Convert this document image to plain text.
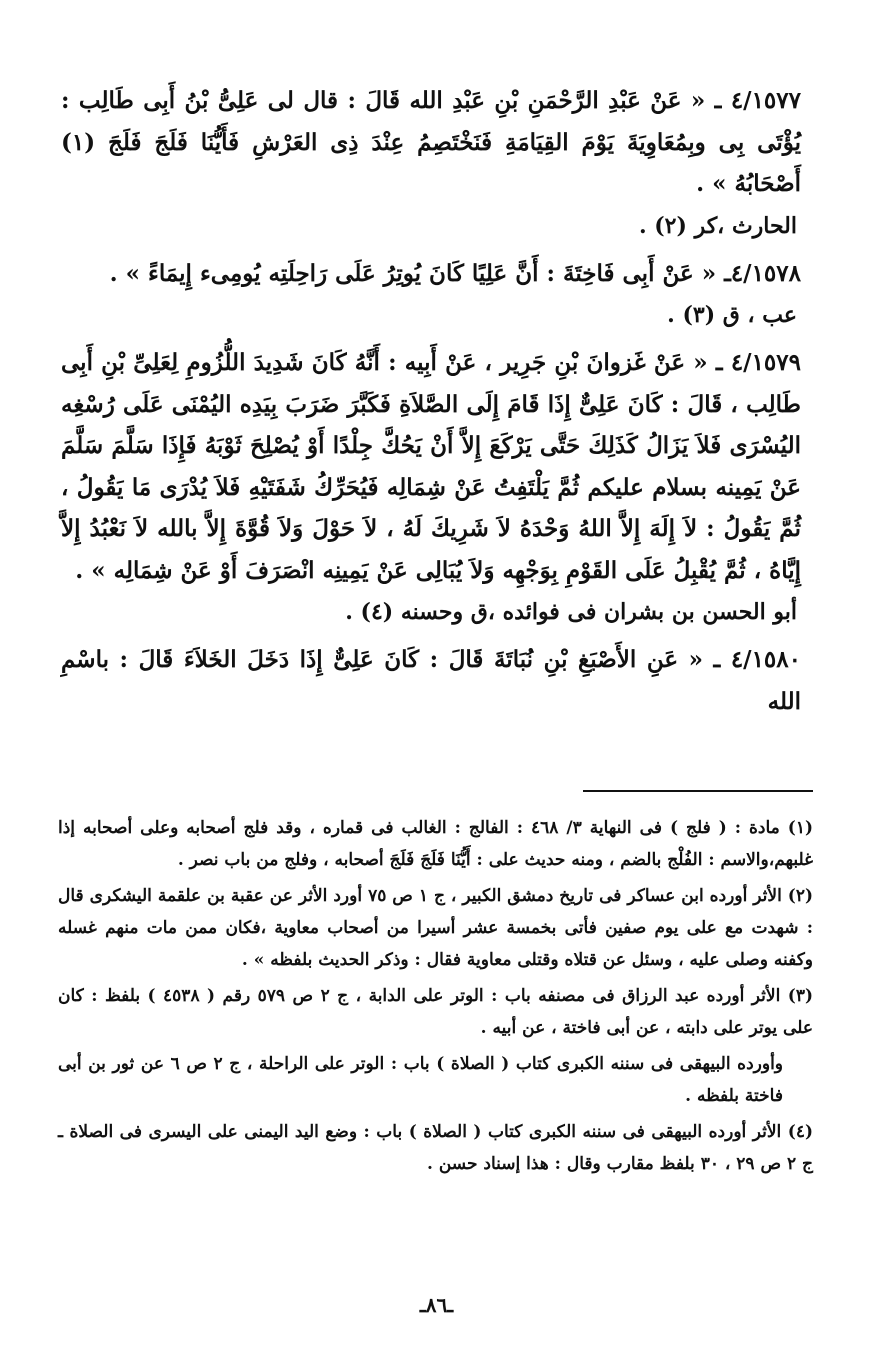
٤/١٥٧٧ ـ « عَنْ عَبْدِ الرَّحْمَنِ بْنِ عَبْدِ الله قَالَ : قال لى عَلِىُّ بْنُ أَبِى طَالِب : يُؤْتَى بِى وبِمُعَاوِيَةَ يَوْمَ القِيَامَةِ فَنَخْتَصِمُ عِنْدَ ذِى العَرْشِ فَأَيُّنَا فَلَجَ فَلَجَ (١) أَصْحَابُهُ » .

الحارث ،كر (٢) .

٤/١٥٧٨ـ « عَنْ أَبِى فَاخِتَةَ : أَنَّ عَلِيًا كَانَ يُوتِرُ عَلَى رَاحِلَتِه يُومِىء إِيمَاءً » .

عب ، ق (٣) .

٤/١٥٧٩ ـ « عَنْ غَزوانَ بْنِ جَرِير ، عَنْ أَبِيه : أَنَّهُ كَانَ شَدِيدَ اللُّزُومِ لِعَلِىِّ بْنِ أَبِى طَالِب ، قَالَ : كَانَ عَلِىٌّ إِذَا قَامَ إِلَى الصَّلاَةِ فَكَبَّرَ ضَرَبَ بِيَدِه اليُمْنَى عَلَى رُسْغِه اليُسْرَى فَلاَ يَزَالُ كَذَلِكَ حَتَّى يَرْكَعَ إِلاَّ أَنْ يَحُكَّ جِلْدًا أَوْ يُصْلِحَ ثَوْبَهُ فَإِذَا سَلَّمَ سَلَّمَ عَنْ يَمِينه بسلام عليكم ثُمَّ يَلْتَفِتُ عَنْ شِمَالِه فَيُحَرِّكُ شَفَتَيْهِ فَلاَ يُدْرَى مَا يَقُولُ ، ثُمَّ يَقُولُ : لاَ إِلَهَ إِلاَّ اللهُ وَحْدَهُ لاَ شَرِيكَ لَهُ ، لاَ حَوْلَ وَلاَ قُوَّةَ إِلاَّ بالله لاَ نَعْبُدُ إِلاَّ إِيَّاهُ ، ثُمَّ يُقْبِلُ عَلَى القَوْمِ بِوَجْهِه وَلاَ يُبَالِى عَنْ يَمِينِه انْصَرَفَ أَوْ عَنْ شِمَالِه » .

أبو الحسن بن بشران فى فوائده ،ق وحسنه (٤) .

٤/١٥٨٠ ـ « عَنِ الأَصْبَغِ بْنِ نُبَاتَةَ قَالَ : كَانَ عَلِىٌّ إِذَا دَخَلَ الخَلاَءَ قَالَ : باسْمِ الله

(١) مادة : ( فلج ) فى النهاية ٣/ ٤٦٨ : الفالج : الغالب فى قماره ، وقد فلج أصحابه وعلى أصحابه إذا غلبهم،والاسم : الفُلْج بالضم ، ومنه حديث على : أَيُّنَا فَلَجَ فَلَجَ أصحابه ، وفلج من باب نصر .

(٢) الأثر أورده ابن عساكر فى تاريخ دمشق الكبير ، ج ١ ص ٧٥ أورد الأثر عن عقبة بن علقمة اليشكرى قال : شهدت مع على يوم صفين فأتى بخمسة عشر أسيرا من أصحاب معاوية ،فكان ممن مات منهم غسله وكفنه وصلى عليه ، وسئل عن قتلاه وقتلى معاوية فقال : وذكر الحديث بلفظه » .

(٣) الأثر أورده عبد الرزاق فى مصنفه باب : الوتر على الدابة ، ج ٢ ص ٥٧٩ رقم ( ٤٥٣٨ ) بلفظ : كان على يوتر على دابته ، عن أبى فاختة ، عن أبيه .

وأورده البيهقى فى سننه الكبرى كتاب ( الصلاة ) باب : الوتر على الراحلة ، ج ٢ ص ٦ عن ثور بن أبى فاختة بلفظه .

(٤) الأثر أورده البيهقى فى سننه الكبرى كتاب ( الصلاة ) باب : وضع اليد اليمنى على اليسرى فى الصلاة ـ ج ٢ ص ٢٩ ، ٣٠ بلفظ مقارب وقال : هذا إسناد حسن .

ـ٨٦ـ
